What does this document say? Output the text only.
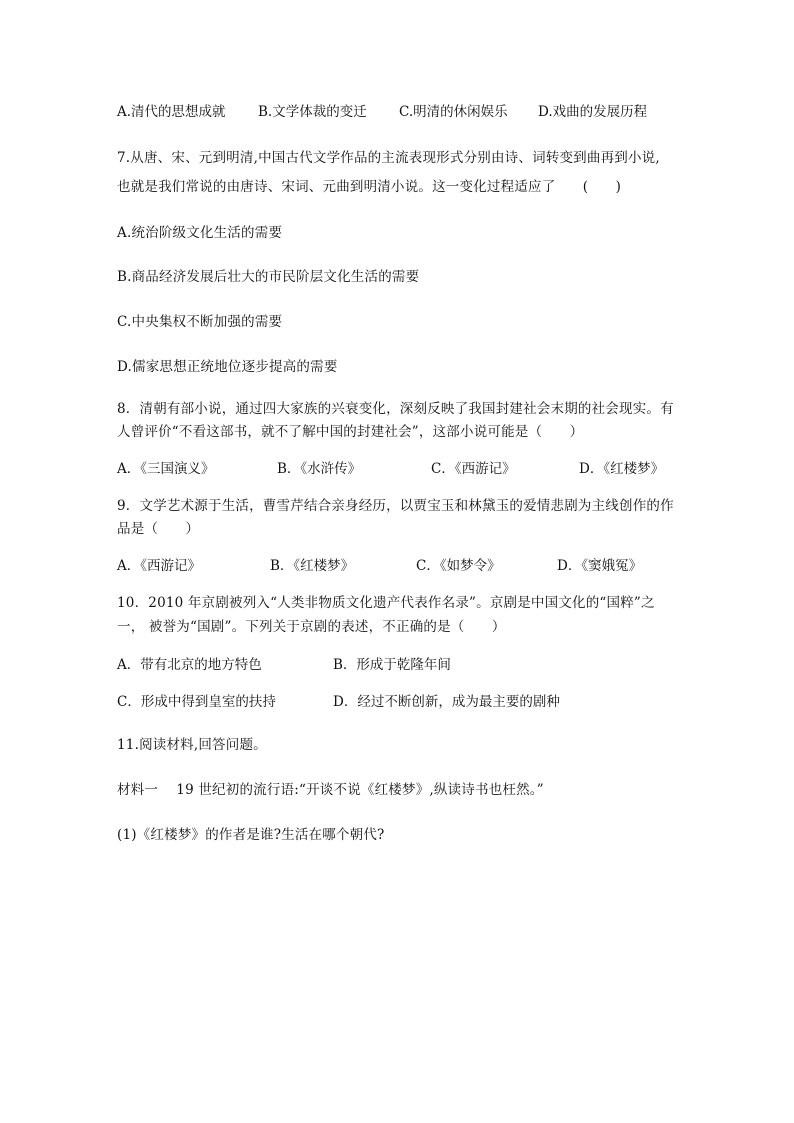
A.清代的思想成就 B.文学体裁的变迁 C.明清的休闲娱乐 D.戏曲的发展历程
7.从唐、宋、元到明清,中国古代文学作品的主流表现形式分别由诗、词转变到曲再到小说,
也就是我们常说的由唐诗、宋词、元曲到明清小说。这一变化过程适应了　　(　　)
A.统治阶级文化生活的需要
B.商品经济发展后壮大的市民阶层文化生活的需要
C.中央集权不断加强的需要
D.儒家思想正统地位逐步提高的需要
8．清朝有部小说，通过四大家族的兴衰变化，深刻反映了我国封建社会末期的社会现实。有
人曾评价“不看这部书，就不了解中国的封建社会”，这部小说可能是（　　）
A．《三国演义》	B．《水浒传》	C．《西游记》	D．《红楼梦》
9．文学艺术源于生活，曹雪芹结合亲身经历，以贾宝玉和林黛玉的爱情悲剧为主线创作的作
品是（　　）
A．《西游记》	B．《红楼梦》	C．《如梦令》	D．《窦娥冤》
10．2010 年京剧被列入“人类非物质文化遗产代表作名录”。京剧是中国文化的“国粹”之
一， 被誉为“国剧”。下列关于京剧的表述，不正确的是（　　）
A．带有北京的地方特色	B．形成于乾隆年间
C．形成中得到皇室的扶持	D．经过不断创新，成为最主要的剧种
11.阅读材料,回答问题。
材料一　 19 世纪初的流行语:“开谈不说《红楼梦》,纵读诗书也枉然。”
(1)《红楼梦》的作者是谁?生活在哪个朝代?
